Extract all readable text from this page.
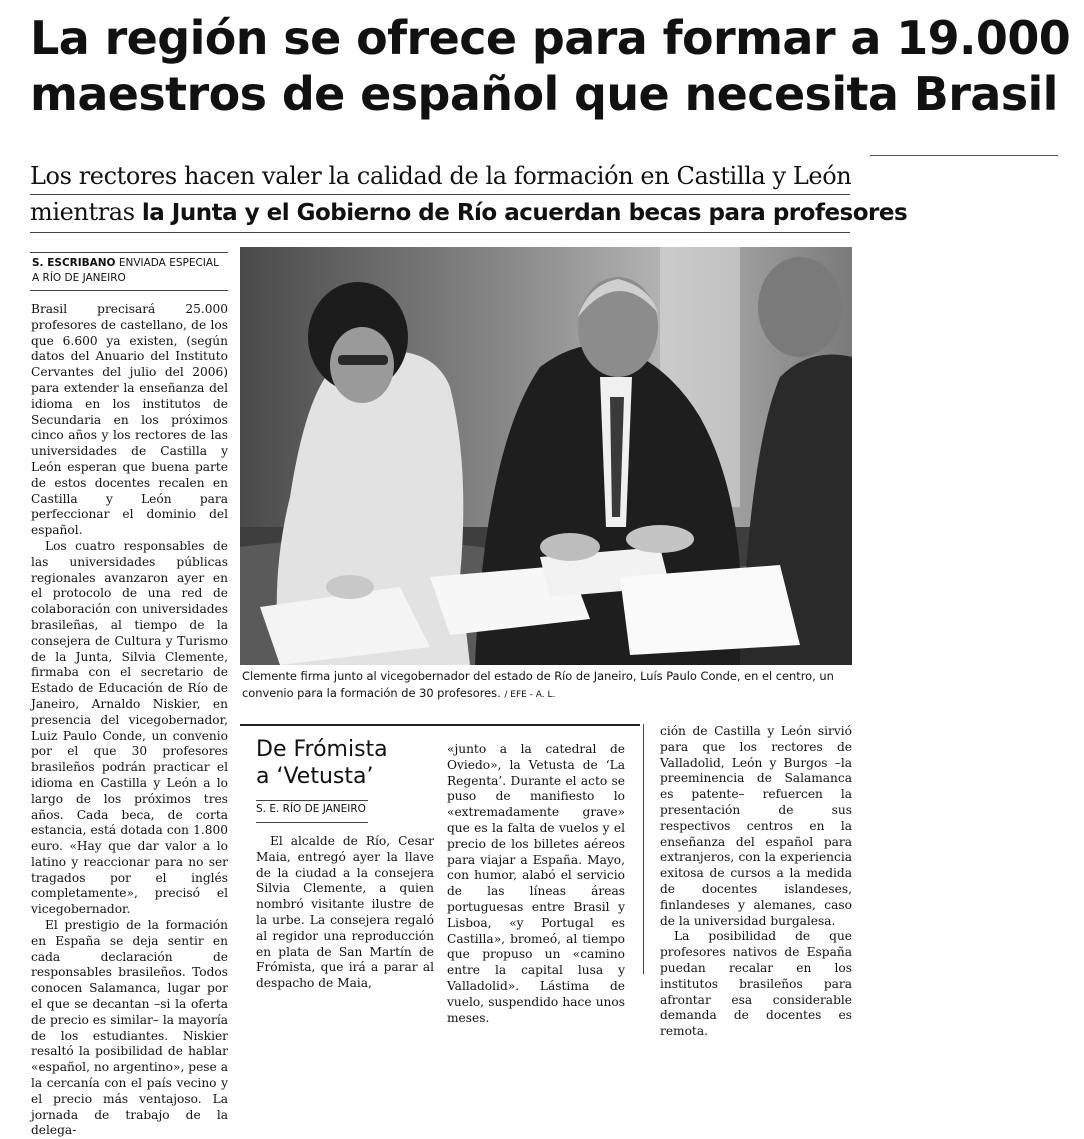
La región se ofrece para formar a 19.000
maestros de español que necesita Brasil
Los rectores hacen valer la calidad de la formación en Castilla y León
mientras la Junta y el Gobierno de Río acuerdan becas para profesores
S. ESCRIBANO ENVIADA ESPECIAL
A RÍO DE JANEIRO

Brasil precisará 25.000 profesores de castellano, de los que 6.600 ya existen, (según datos del Anuario del Instituto Cervantes del julio del 2006) para extender la enseñanza del idioma en los institutos de Secundaria en los próximos cinco años y los rectores de las universidades de Castilla y León esperan que buena parte de estos docentes recalen en Castilla y León para perfeccionar el dominio del español.

Los cuatro responsables de las universidades públicas regionales avanzaron ayer en el protocolo de una red de colaboración con universidades brasileñas, al tiempo de la consejera de Cultura y Turismo de la Junta, Silvia Clemente, firmaba con el secretario de Estado de Educación de Río de Janeiro, Arnaldo Niskier, en presencia del vicegobernador, Luiz Paulo Conde, un convenio por el que 30 profesores brasileños podrán practicar el idioma en Castilla y León a lo largo de los próximos tres años. Cada beca, de corta estancia, está dotada con 1.800 euro. «Hay que dar valor a lo latino y reaccionar para no ser tragados por el inglés completamente», precisó el vicegobernador.

El prestigio de la formación en España se deja sentir en cada declaración de responsables brasileños. Todos conocen Salamanca, lugar por el que se decantan –si la oferta de precio es similar– la mayoría de los estudiantes. Niskier resaltó la posibilidad de hablar «español, no argentino», pese a la cercanía con el país vecino y el precio más ventajoso. La jornada de trabajo de la delega-

Clemente firma junto al vicegobernador del estado de Río de Janeiro, Luís Paulo Conde, en el centro, un convenio para la formación de 30 profesores. / EFE - A. L.
De Frómista
a ‘Vetusta’
S. E. RÍO DE JANEIRO

El alcalde de Río, Cesar Maia, entregó ayer la llave de la ciudad a la consejera Silvia Clemente, a quien nombró visitante ilustre de la urbe. La consejera regaló al regidor una reproducción en plata de San Martín de Frómista, que irá a parar al despacho de Maia,

«junto a la catedral de Oviedo», la Vetusta de ‘La Regenta’. Durante el acto se puso de manifiesto lo «extremadamente grave» que es la falta de vuelos y el precio de los billetes aéreos para viajar a España. Mayo, con humor, alabó el servicio de las líneas áreas portuguesas entre Brasil y Lisboa, «y Portugal es Castilla», bromeó, al tiempo que propuso un «camino entre la capital lusa y Valladolid». Lástima de vuelo, suspendido hace unos meses.

ción de Castilla y León sirvió para que los rectores de Valladolid, León y Burgos –la preeminencia de Salamanca es patente– refuercen la presentación de sus respectivos centros en la enseñanza del español para extranjeros, con la experiencia exitosa de cursos a la medida de docentes islandeses, finlandeses y alemanes, caso de la universidad burgalesa.

La posibilidad de que profesores nativos de España puedan recalar en los institutos brasileños para afrontar esa considerable demanda de docentes es remota.
